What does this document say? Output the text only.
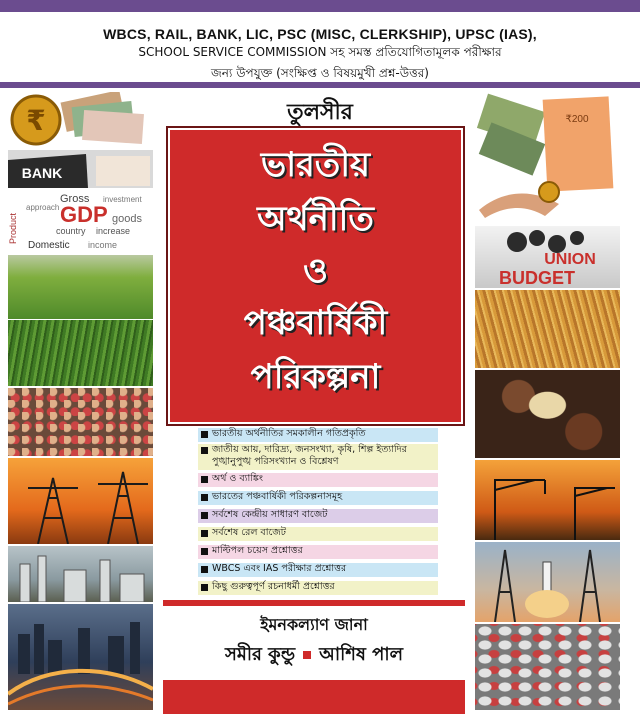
WBCS, RAIL, BANK, LIC, PSC (MISC, CLERKSHIP), UPSC (IAS),
SCHOOL SERVICE COMMISSION সহ সমস্ত প্রতিযোগিতামূলক পরীক্ষার
জন্য উপযুক্ত (সংক্ষিপ্ত ও বিষয়মুখী প্রশ্ন-উত্তর)
₹
BANK
Product
Gross
GDP goods
country increase
Domestic income
approach
investment
₹200
UNION
BUDGET
তুলসীর
ভারতীয়
অর্থনীতি
ও
পঞ্চবার্ষিকী
পরিকল্পনা
ভারতীয় অর্থনীতির সমকালীন গতিপ্রকৃতি
জাতীয় আয়, দারিদ্র্য, জনসংখ্যা, কৃষি, শিল্প ইত্যাদির পুঙ্খানুপুঙ্খ পরিসংখ্যান ও বিশ্লেষণ
অর্থ ও ব্যাঙ্কিং
ভারতের পঞ্চবার্ষিকী পরিকল্পনাসমূহ
সর্বশেষ কেন্দ্রীয় সাধারণ বাজেট
সর্বশেষ রেল বাজেট
মাল্টিপল চয়েস প্রশ্নোত্তর
WBCS এবং IAS পরীক্ষার প্রশ্নোত্তর
কিছু গুরুত্বপূর্ণ রচনাধর্মী প্রশ্নোত্তর
ইমনকল্যাণ জানা
সমীর কুন্ডু আশিষ পাল
